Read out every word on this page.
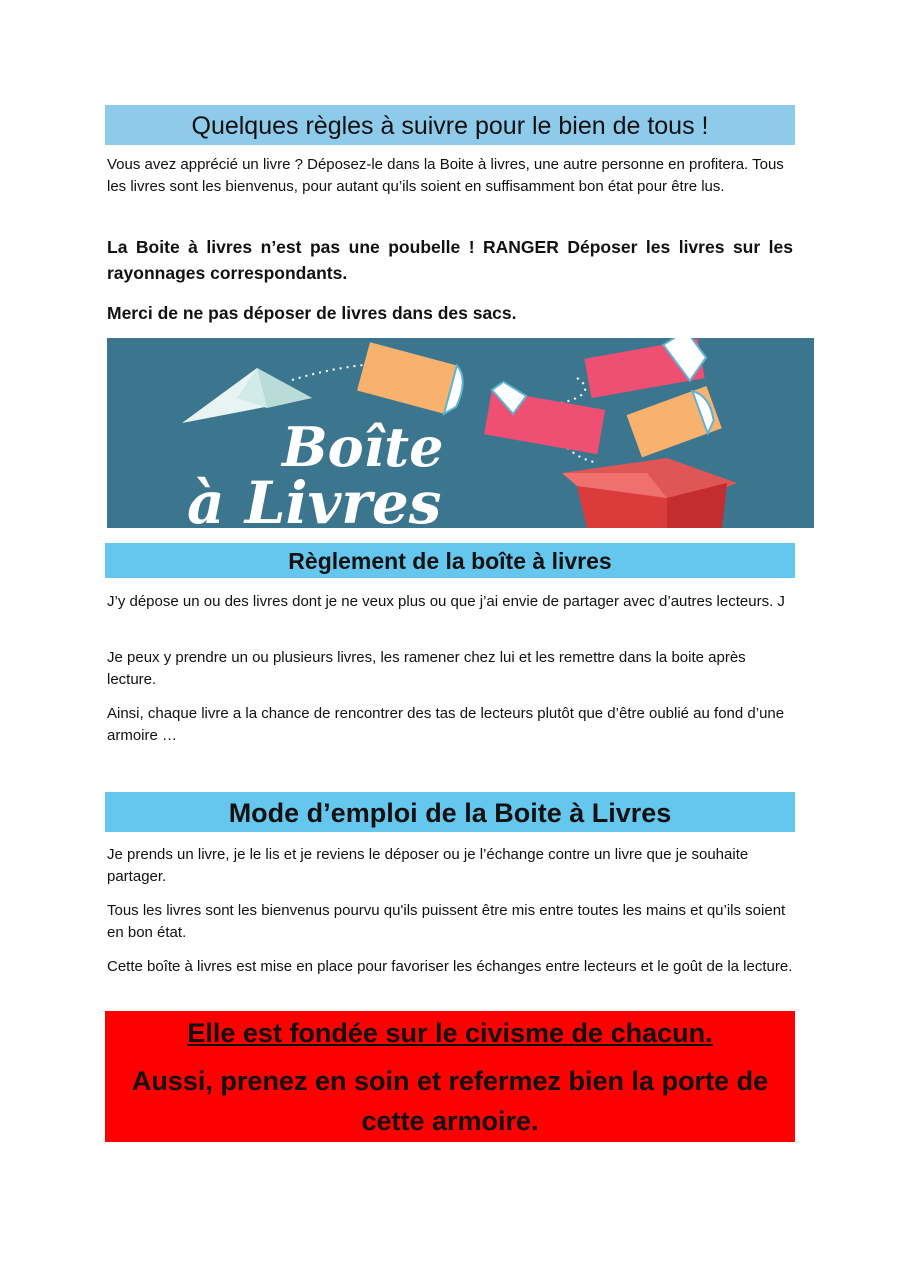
Quelques règles à suivre pour le bien de tous !

Vous avez apprécié un livre ? Déposez-le dans la Boite à livres, une autre personne en profitera. Tous les livres sont les bienvenus, pour autant qu’ils soient en suffisamment bon état pour être lus.

La Boite à livres n’est pas une poubelle ! RANGER Déposer les livres sur les rayonnages correspondants.

Merci de ne pas déposer de livres dans des sacs.

Boîte
à Livres
Règlement de la boîte à livres

J’y dépose un ou des livres dont je ne veux plus ou que j’ai envie de partager avec d’autres lecteurs. J

Je peux y prendre un ou plusieurs livres, les ramener chez lui et les remettre dans la boite après lecture.

Ainsi, chaque livre a la chance de rencontrer des tas de lecteurs plutôt que d’être oublié au fond d’une armoire …

Mode d’emploi de la Boite à Livres

Je prends un livre, je le lis et je reviens le déposer ou je l’échange contre un livre que je souhaite partager.

Tous les livres sont les bienvenus pourvu qu'ils puissent être mis entre toutes les mains et qu’ils soient en bon état.

Cette boîte à livres est mise en place pour favoriser les échanges entre lecteurs et le goût de la lecture.

Elle est fondée sur le civisme de chacun.
Aussi, prenez en soin et refermez bien la porte de cette armoire.
